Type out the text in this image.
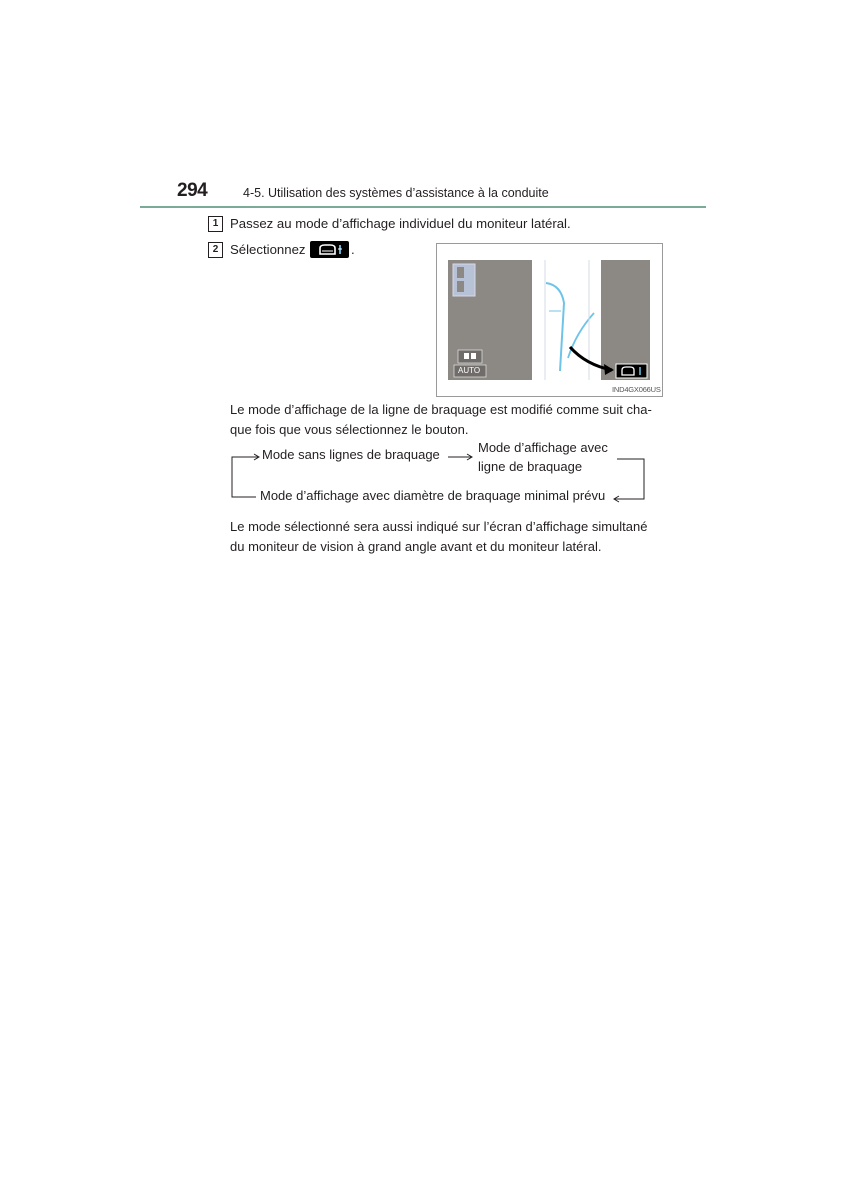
294	4-5. Utilisation des systèmes d’assistance à la conduite
1 Passez au mode d’affichage individuel du moniteur latéral.
2 Sélectionnez	.
AUTO
IND4GX066US
Le mode d’affichage de la ligne de braquage est modifié comme suit cha- que fois que vous sélectionnez le bouton.
Mode sans lignes de braquage	Mode d’affichage avec
ligne de braquage
Mode d’affichage avec diamètre de braquage minimal prévu
Le mode sélectionné sera aussi indiqué sur l’écran d’affichage simultané du moniteur de vision à grand angle avant et du moniteur latéral.
